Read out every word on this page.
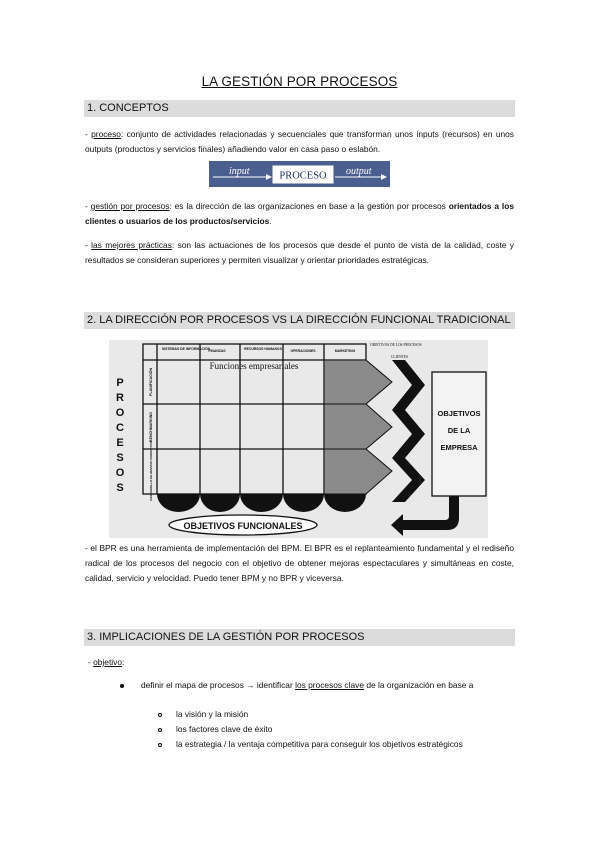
LA GESTIÓN POR PROCESOS
1. CONCEPTOS
- proceso: conjunto de actividades relacionadas y secuenciales que transforman unos inputs (recursos) en unos outputs (productos y servicios finales) añadiendo valor en casa paso o eslabón.
input	PROCESO output
- gestión por procesos: es la dirección de las organizaciones en base a la gestión por procesos orientados a los clientes o usuarios de los productos/servicios.
- las mejores prácticas: son las actuaciones de los procesos que desde el punto de vista de la calidad, coste y resultados se consideran superiores y permiten visualizar y orientar prioridades estratégicas.
2. LA DIRECCIÓN POR PROCESOS VS LA DIRECCIÓN FUNCIONAL TRADICIONAL
P
R
O
C
E
S
O
S
SISTEMAS DE INFORMACIÓN
FINANZAS	RECURSOS HUMANOS	OPERACIONES	MARKETING
OBJETIVOS DE LOS PROCESOS
CLIENTES
Funciones empresariales
PLANIFICACIÓN
BENCHMARKING
DESARROLLO DE NUEVOS PRODUCTOS
OBJETIVOS
DE LA
EMPRESA
OBJETIVOS FUNCIONALES
- el BPR es una herramienta de implementación del BPM. El BPR es el replanteamiento fundamental y el rediseño radical de los procesos del negocio con el objetivo de obtener mejoras espectaculares y simultáneas en coste, calidad, servicio y velocidad. Puedo tener BPM y no BPR y viceversa.
3. IMPLICACIONES DE LA GESTIÓN POR PROCESOS
- objetivo:
definir el mapa de procesos → identificar los procesos clave de la organización en base a
la visión y la misión
los factores clave de éxito
la estrategia / la ventaja competitiva para conseguir los objetivos estratégicos
